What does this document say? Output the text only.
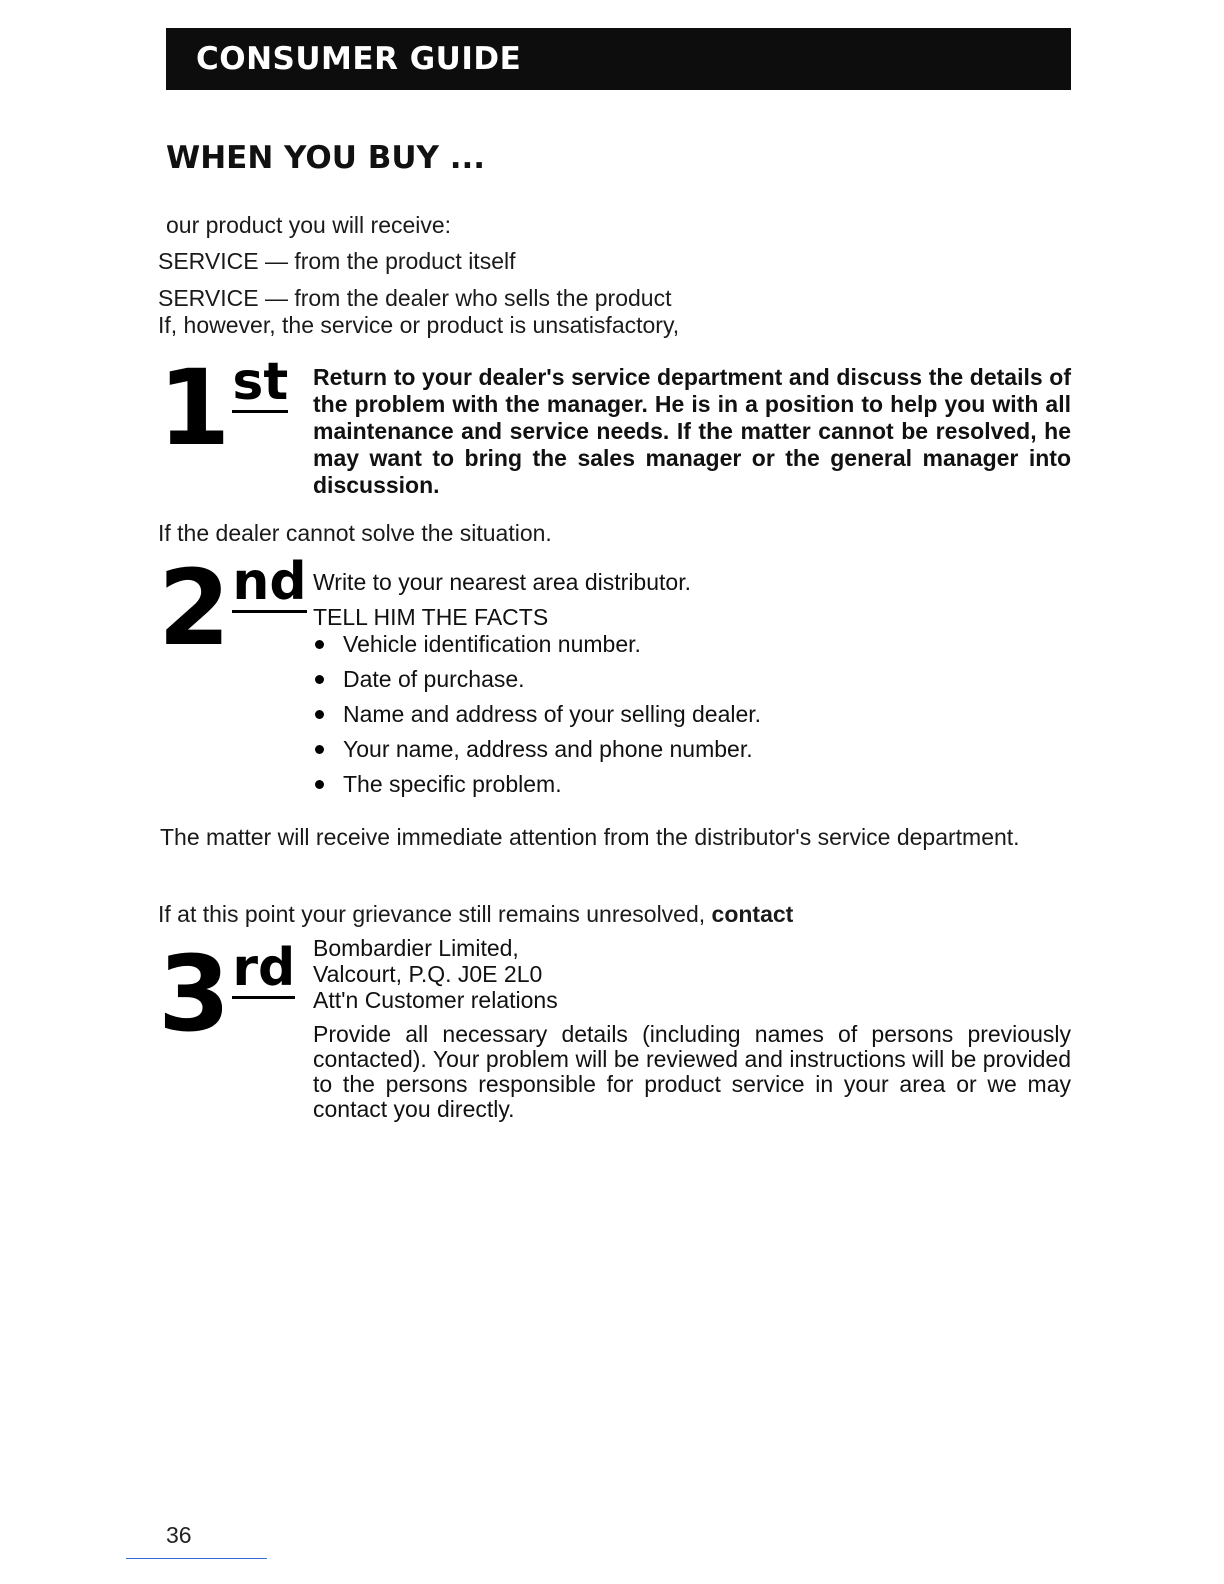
CONSUMER GUIDE
WHEN YOU BUY ...
our product you will receive:
SERVICE — from the product itself
SERVICE — from the dealer who sells the product
If, however, the service or product is unsatisfactory,
1st Return to your dealer's service department and discuss the details of the problem with the manager. He is in a position to help you with all maintenance and service needs. If the matter cannot be resolved, he may want to bring the sales manager or the general manager into discussion.
If the dealer cannot solve the situation.
2nd Write to your nearest area distributor.
TELL HIM THE FACTS
Vehicle identification number.
Date of purchase.
Name and address of your selling dealer.
Your name, address and phone number.
The specific problem.
The matter will receive immediate attention from the distributor's service department.
If at this point your grievance still remains unresolved, contact
3rd Bombardier Limited,
Valcourt, P.Q. J0E 2L0
Att'n Customer relations
Provide all necessary details (including names of persons previously contacted). Your problem will be reviewed and instructions will be provided to the persons responsible for product service in your area or we may contact you directly.
36
